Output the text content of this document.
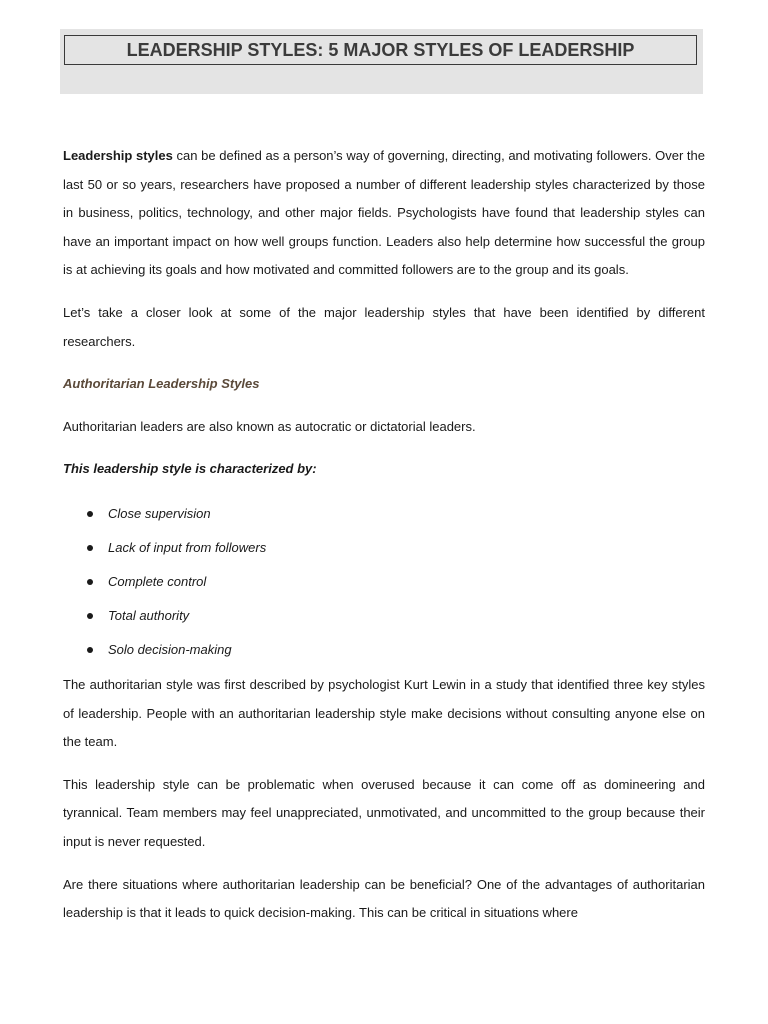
LEADERSHIP STYLES: 5 MAJOR STYLES OF LEADERSHIP

Leadership styles can be defined as a person’s way of governing, directing, and motivating followers. Over the last 50 or so years, researchers have proposed a number of different leadership styles characterized by those in business, politics, technology, and other major fields. Psychologists have found that leadership styles can have an important impact on how well groups function. Leaders also help determine how successful the group is at achieving its goals and how motivated and committed followers are to the group and its goals.

Let’s take a closer look at some of the major leadership styles that have been identified by different researchers.

Authoritarian Leadership Styles

Authoritarian leaders are also known as autocratic or dictatorial leaders.

This leadership style is characterized by:

Close supervision
Lack of input from followers
Complete control
Total authority
Solo decision-making

The authoritarian style was first described by psychologist Kurt Lewin in a study that identified three key styles of leadership. People with an authoritarian leadership style make decisions without consulting anyone else on the team.

This leadership style can be problematic when overused because it can come off as domineering and tyrannical. Team members may feel unappreciated, unmotivated, and uncommitted to the group because their input is never requested.

Are there situations where authoritarian leadership can be beneficial? One of the advantages of authoritarian leadership is that it leads to quick decision-making. This can be critical in situations where
